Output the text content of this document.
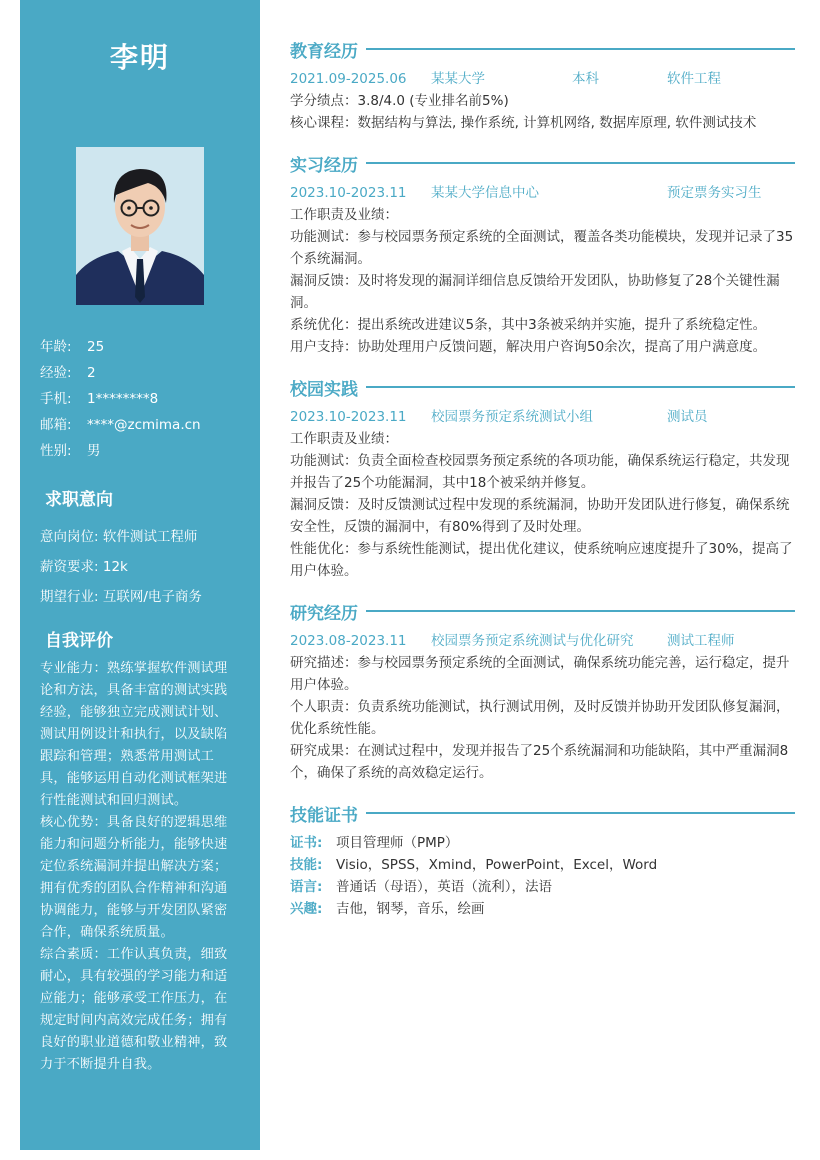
李明
年龄: 25
经验: 2
手机: 1********8
邮箱: ****@zcmima.cn
性别: 男
求职意向
意向岗位: 软件测试工程师
薪资要求: 12k
期望行业: 互联网/电子商务
自我评价
专业能力：熟练掌握软件测试理论和方法，具备丰富的测试实践经验，能够独立完成测试计划、测试用例设计和执行，以及缺陷跟踪和管理；熟悉常用测试工具，能够运用自动化测试框架进行性能测试和回归测试。
核心优势：具备良好的逻辑思维能力和问题分析能力，能够快速定位系统漏洞并提出解决方案；拥有优秀的团队合作精神和沟通协调能力，能够与开发团队紧密合作，确保系统质量。
综合素质：工作认真负责，细致耐心，具有较强的学习能力和适应能力；能够承受工作压力，在规定时间内高效完成任务；拥有良好的职业道德和敬业精神，致力于不断提升自我。
教育经历
2021.09-2025.06	某某大学	本科	软件工程
学分绩点：3.8/4.0 (专业排名前5%)
核心课程：数据结构与算法, 操作系统, 计算机网络, 数据库原理, 软件测试技术
实习经历
2023.10-2023.11	某某大学信息中心	预定票务实习生
工作职责及业绩：
功能测试：参与校园票务预定系统的全面测试，覆盖各类功能模块，发现并记录了35个系统漏洞。
漏洞反馈：及时将发现的漏洞详细信息反馈给开发团队，协助修复了28个关键性漏洞。
系统优化：提出系统改进建议5条，其中3条被采纳并实施，提升了系统稳定性。
用户支持：协助处理用户反馈问题，解决用户咨询50余次，提高了用户满意度。
校园实践
2023.10-2023.11	校园票务预定系统测试小组	测试员
工作职责及业绩：
功能测试：负责全面检查校园票务预定系统的各项功能，确保系统运行稳定，共发现并报告了25个功能漏洞，其中18个被采纳并修复。
漏洞反馈：及时反馈测试过程中发现的系统漏洞，协助开发团队进行修复，确保系统安全性，反馈的漏洞中，有80%得到了及时处理。
性能优化：参与系统性能测试，提出优化建议，使系统响应速度提升了30%，提高了用户体验。
研究经历
2023.08-2023.11	校园票务预定系统测试与优化研究	测试工程师
研究描述：参与校园票务预定系统的全面测试，确保系统功能完善，运行稳定，提升用户体验。
个人职责：负责系统功能测试，执行测试用例，及时反馈并协助开发团队修复漏洞，优化系统性能。
研究成果：在测试过程中，发现并报告了25个系统漏洞和功能缺陷，其中严重漏洞8个，确保了系统的高效稳定运行。
技能证书
证书: 项目管理师（PMP）
技能: Visio，SPSS，Xmind，PowerPoint，Excel，Word
语言: 普通话（母语），英语（流利），法语
兴趣: 吉他，钢琴，音乐，绘画
